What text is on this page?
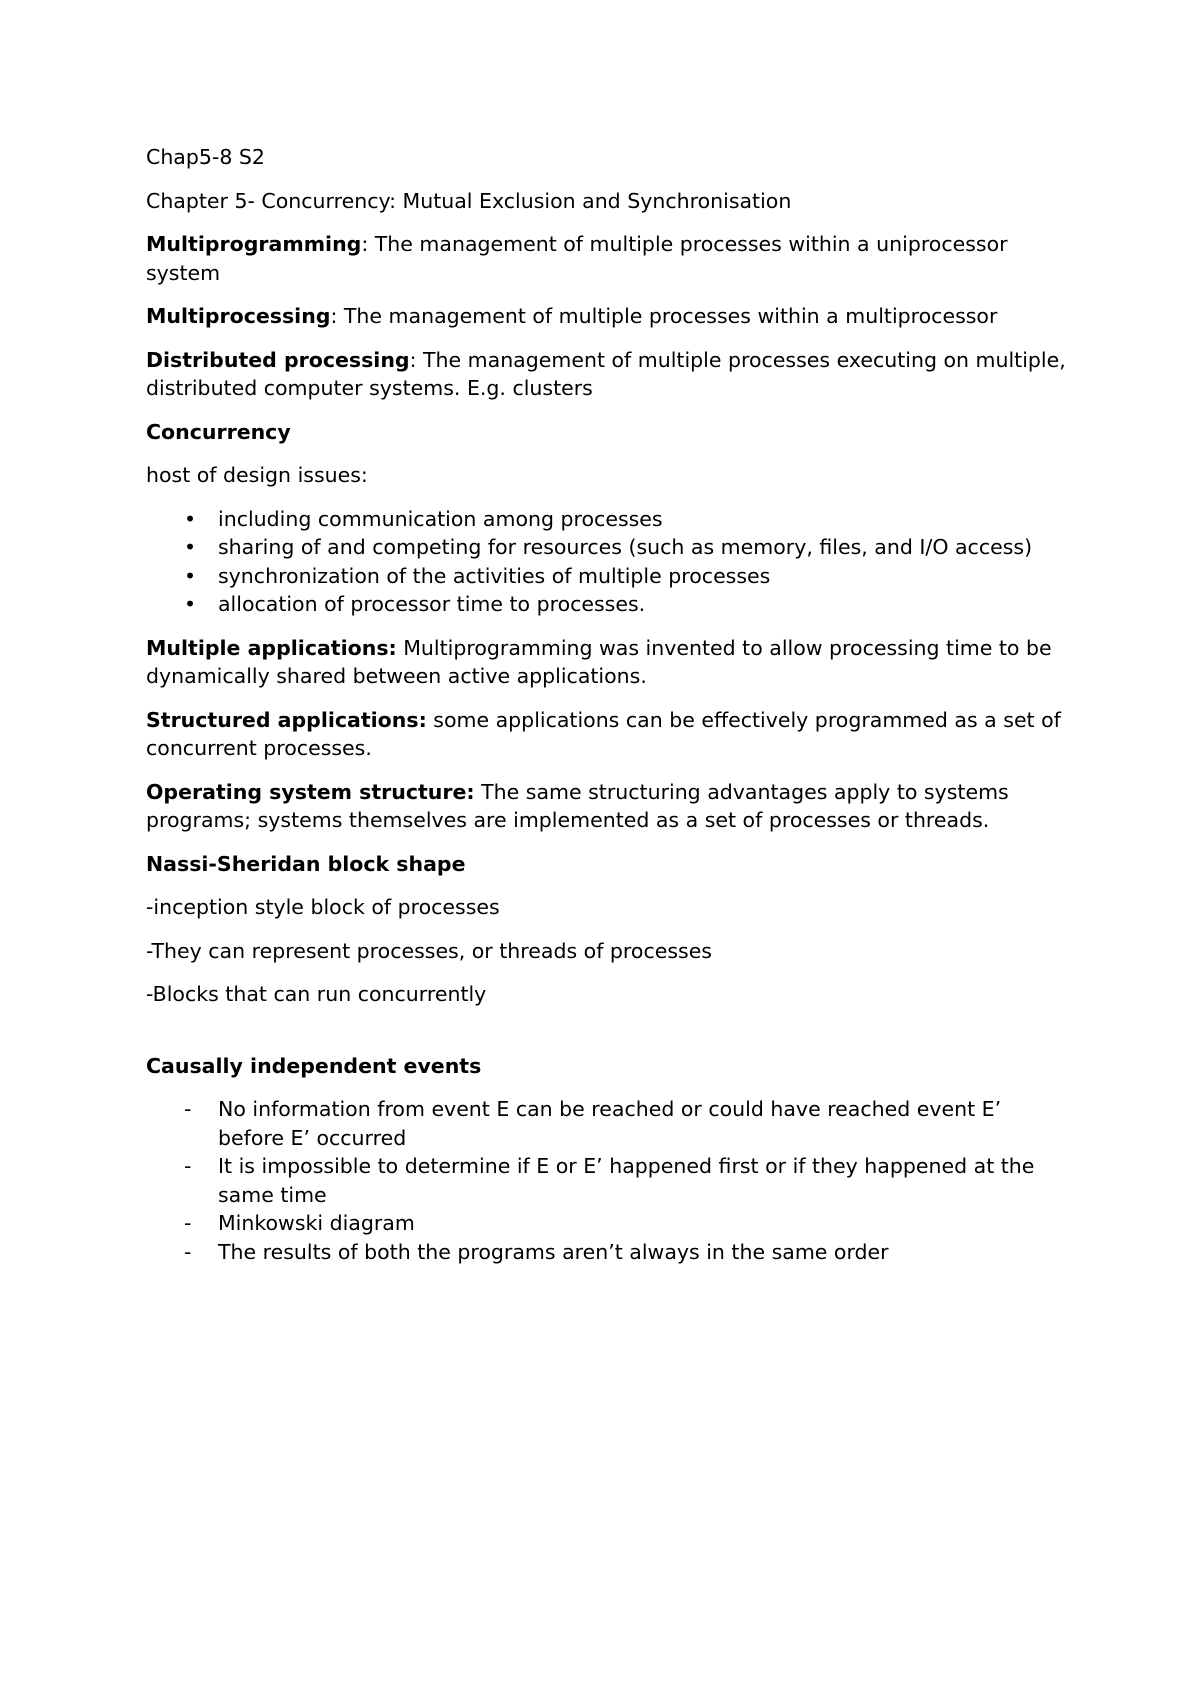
Chap5-8 S2

Chapter 5- Concurrency: Mutual Exclusion and Synchronisation

Multiprogramming: The management of multiple processes within a uniprocessor system

Multiprocessing: The management of multiple processes within a multiprocessor

Distributed processing: The management of multiple processes executing on multiple, distributed computer systems. E.g. clusters

Concurrency

host of design issues:

• including communication among processes
• sharing of and competing for resources (such as memory, files, and I/O access)
• synchronization of the activities of multiple processes
• allocation of processor time to processes.

Multiple applications: Multiprogramming was invented to allow processing time to be dynamically shared between active applications.

Structured applications: some applications can be effectively programmed as a set of concurrent processes.

Operating system structure: The same structuring advantages apply to systems programs; systems themselves are implemented as a set of processes or threads.

Nassi-Sheridan block shape

-inception style block of processes

-They can represent processes, or threads of processes

-Blocks that can run concurrently

Causally independent events

- No information from event E can be reached or could have reached event E’ before E’ occurred
- It is impossible to determine if E or E’ happened first or if they happened at the same time
- Minkowski diagram
- The results of both the programs aren’t always in the same order
